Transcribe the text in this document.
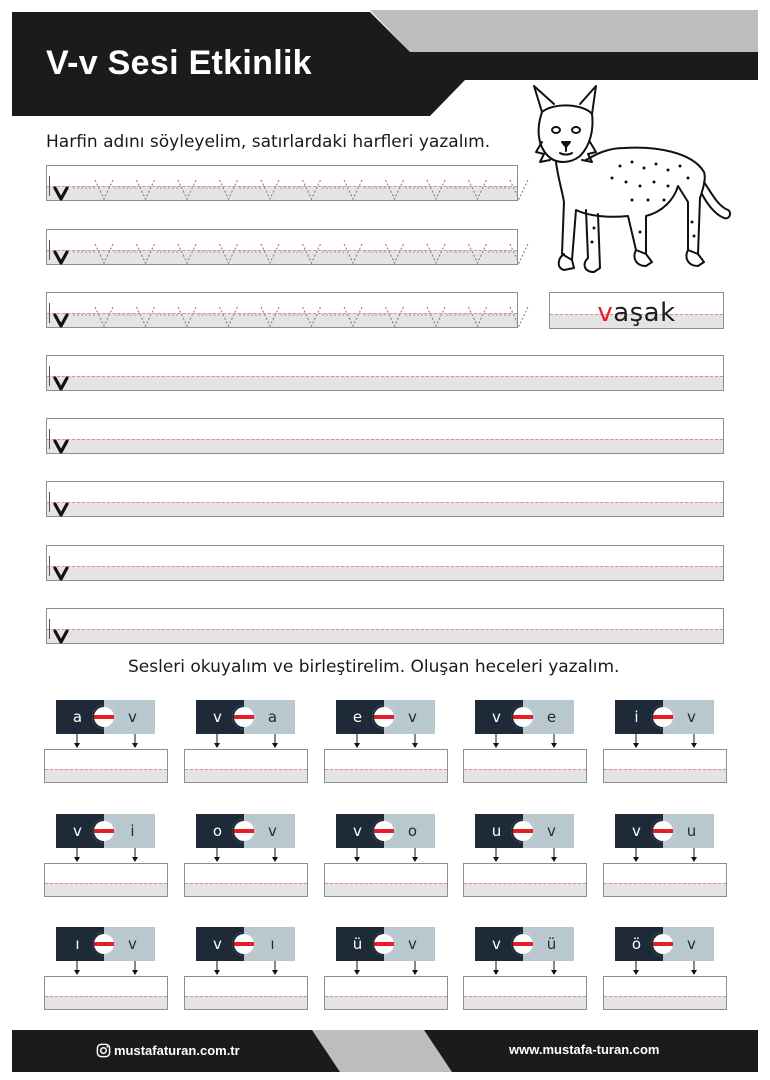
V-v Sesi Etkinlik
Harfin adını söyleyelim, satırlardaki harfleri yazalım.
vaşak
Sesleri okuyalım ve birleştirelim. Oluşan heceleri yazalım.
a	v	v	a	e	v	v	e	i	v
v	i	o	v	v	o	u	v	v	u
ı	v	v	ı	ü	v	v	ü	ö	v
mustafaturan.com.tr	www.mustafa-turan.com
